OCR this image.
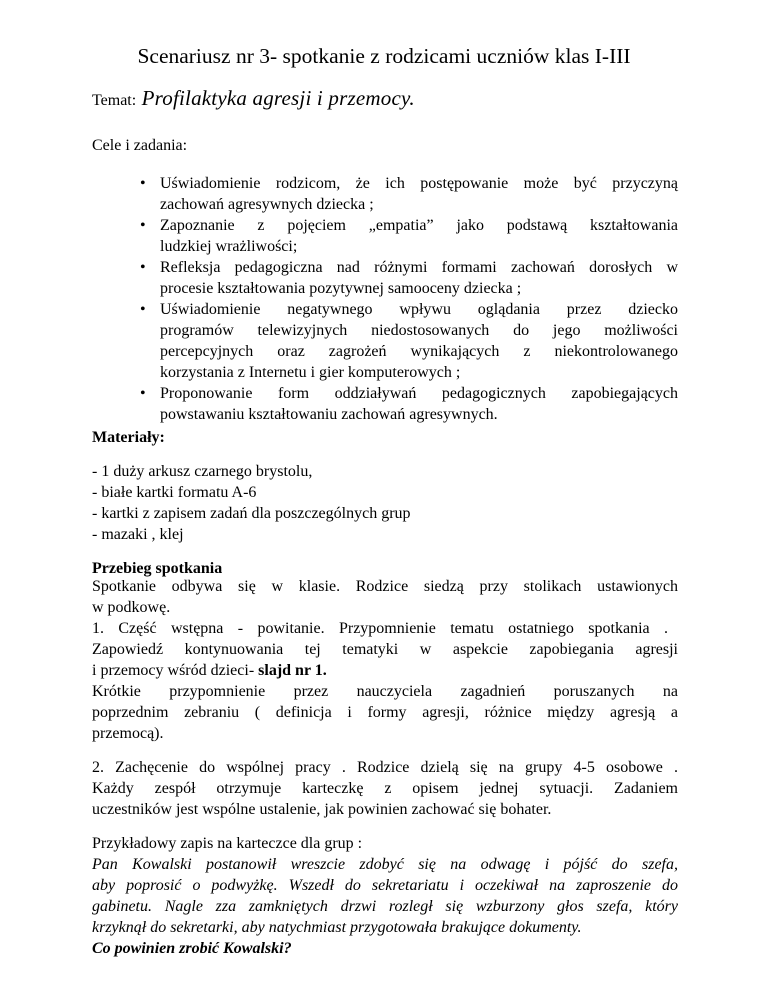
Scenariusz nr 3- spotkanie z rodzicami uczniów klas I-III
Temat: Profilaktyka agresji i przemocy.
Cele i zadania:
• Uświadomienie rodzicom, że ich postępowanie może być przyczyną
zachowań agresywnych dziecka ;
• Zapoznanie z pojęciem „empatia” jako podstawą kształtowania
ludzkiej wrażliwości;
• Refleksja pedagogiczna nad różnymi formami zachowań dorosłych w
procesie kształtowania pozytywnej samooceny dziecka ;
• Uświadomienie negatywnego wpływu oglądania przez dziecko
programów telewizyjnych niedostosowanych do jego możliwości
percepcyjnych oraz zagrożeń wynikających z niekontrolowanego
korzystania z Internetu i gier komputerowych ;
• Proponowanie form oddziaływań pedagogicznych zapobiegających
powstawaniu kształtowaniu zachowań agresywnych.
Materiały:
- 1 duży arkusz czarnego brystolu,
- białe kartki formatu A-6
- kartki z zapisem zadań dla poszczególnych grup
- mazaki , klej
Przebieg spotkania
Spotkanie odbywa się w klasie. Rodzice siedzą przy stolikach ustawionych
w podkowę.
1. Część wstępna - powitanie. Przypomnienie tematu ostatniego spotkania .
Zapowiedź kontynuowania tej tematyki w aspekcie zapobiegania agresji
i przemocy wśród dzieci- slajd nr 1.
Krótkie przypomnienie przez nauczyciela zagadnień poruszanych na
poprzednim zebraniu ( definicja i formy agresji, różnice między agresją a
przemocą).
2. Zachęcenie do wspólnej pracy . Rodzice dzielą się na grupy 4-5 osobowe .
Każdy zespół otrzymuje karteczkę z opisem jednej sytuacji. Zadaniem
uczestników jest wspólne ustalenie, jak powinien zachować się bohater.
Przykładowy zapis na karteczce dla grup :
Pan Kowalski postanowił wreszcie zdobyć się na odwagę i pójść do szefa,
aby poprosić o podwyżkę. Wszedł do sekretariatu i oczekiwał na zaproszenie do
gabinetu. Nagle zza zamkniętych drzwi rozległ się wzburzony głos szefa, który
krzyknął do sekretarki, aby natychmiast przygotowała brakujące dokumenty.
Co powinien zrobić Kowalski?
